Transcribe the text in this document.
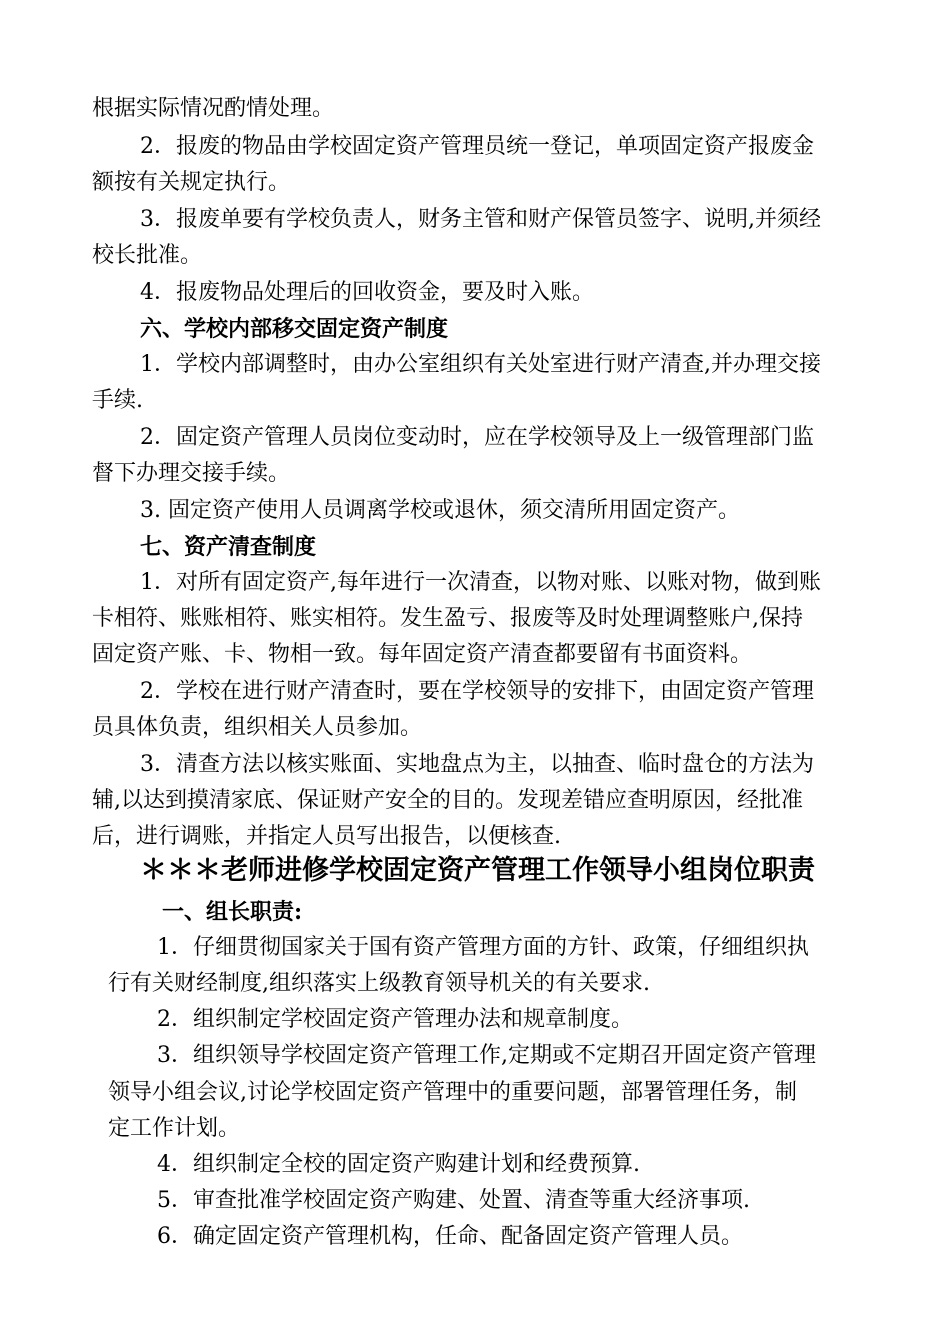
根据实际情况酌情处理。
2．报废的物品由学校固定资产管理员统一登记，单项固定资产报废金
额按有关规定执行。
3．报废单要有学校负责人，财务主管和财产保管员签字、说明,并须经
校长批准。
4．报废物品处理后的回收资金，要及时入账。
六、学校内部移交固定资产制度
1．学校内部调整时，由办公室组织有关处室进行财产清查,并办理交接
手续.
2．固定资产管理人员岗位变动时，应在学校领导及上一级管理部门监
督下办理交接手续。
3. 固定资产使用人员调离学校或退休，须交清所用固定资产。
七、资产清查制度
1．对所有固定资产,每年进行一次清查，以物对账、以账对物，做到账
卡相符、账账相符、账实相符。发生盈亏、报废等及时处理调整账户,保持
固定资产账、卡、物相一致。每年固定资产清查都要留有书面资料。
2．学校在进行财产清查时，要在学校领导的安排下，由固定资产管理
员具体负责，组织相关人员参加。
3．清查方法以核实账面、实地盘点为主，以抽查、临时盘仓的方法为
辅,以达到摸清家底、保证财产安全的目的。发现差错应查明原因，经批准
后，进行调账，并指定人员写出报告，以便核查.
＊＊＊老师进修学校固定资产管理工作领导小组岗位职责
一、组长职责:
1．仔细贯彻国家关于国有资产管理方面的方针、政策，仔细组织执
行有关财经制度,组织落实上级教育领导机关的有关要求.
2．组织制定学校固定资产管理办法和规章制度。
3．组织领导学校固定资产管理工作,定期或不定期召开固定资产管理
领导小组会议,讨论学校固定资产管理中的重要问题，部署管理任务，制
定工作计划。
4．组织制定全校的固定资产购建计划和经费预算.
5．审查批准学校固定资产购建、处置、清查等重大经济事项.
6．确定固定资产管理机构，任命、配备固定资产管理人员。
